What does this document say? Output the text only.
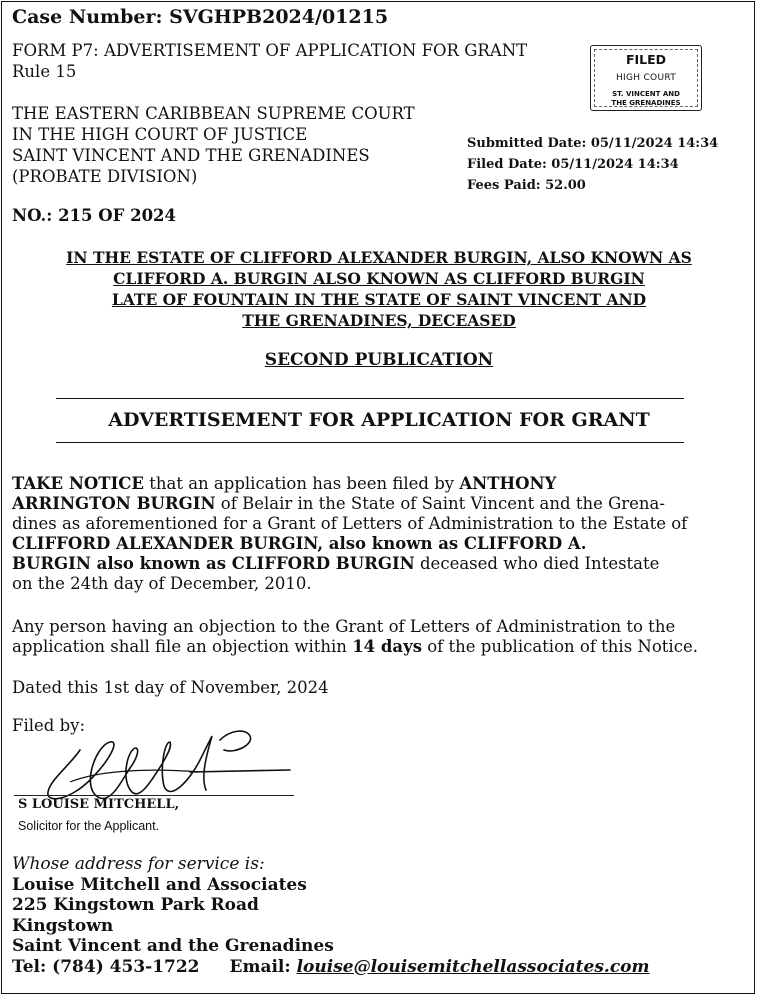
Case Number: SVGHPB2024/01215
FORM P7: ADVERTISEMENT OF APPLICATION FOR GRANT
Rule 15
FILED
HIGH COURT
ST. VINCENT AND
THE GRENADINES
THE EASTERN CARIBBEAN SUPREME COURT
IN THE HIGH COURT OF JUSTICE
SAINT VINCENT AND THE GRENADINES
(PROBATE DIVISION)
Submitted Date: 05/11/2024 14:34
Filed Date: 05/11/2024 14:34
Fees Paid: 52.00
NO.: 215 OF 2024
IN THE ESTATE OF CLIFFORD ALEXANDER BURGIN, ALSO KNOWN AS
CLIFFORD A. BURGIN ALSO KNOWN AS CLIFFORD BURGIN
LATE OF FOUNTAIN IN THE STATE OF SAINT VINCENT AND
THE GRENADINES, DECEASED
SECOND PUBLICATION
ADVERTISEMENT FOR APPLICATION FOR GRANT
TAKE NOTICE that an application has been filed by ANTHONY
ARRINGTON BURGIN of Belair in the State of Saint Vincent and the Grena-
dines as aforementioned for a Grant of Letters of Administration to the Estate of
CLIFFORD ALEXANDER BURGIN, also known as CLIFFORD A.
BURGIN also known as CLIFFORD BURGIN deceased who died Intestate
on the 24th day of December, 2010.
Any person having an objection to the Grant of Letters of Administration to the
application shall file an objection within 14 days of the publication of this Notice.
Dated this 1st day of November, 2024
Filed by:
S LOUISE MITCHELL,
Solicitor for the Applicant.
Whose address for service is:
Louise Mitchell and Associates
225 Kingstown Park Road
Kingstown
Saint Vincent and the Grenadines
Tel: (784) 453-1722 Email: louise@louisemitchellassociates.com
